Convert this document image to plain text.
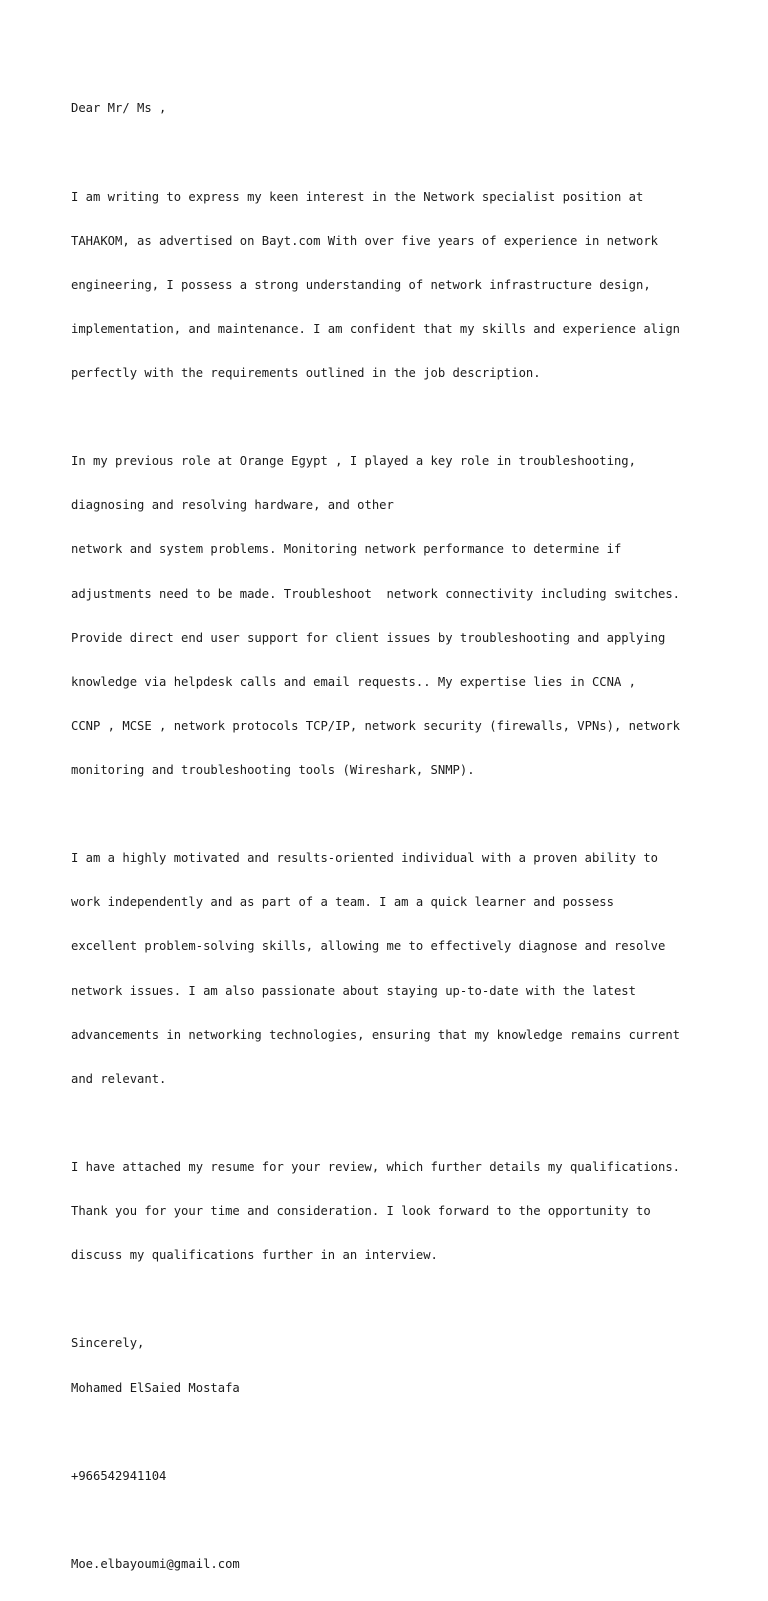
Dear Mr/ Ms ,

I am writing to express my keen interest in the Network specialist position at

TAHAKOM, as advertised on Bayt.com With over five years of experience in network

engineering, I possess a strong understanding of network infrastructure design,

implementation, and maintenance. I am confident that my skills and experience align

perfectly with the requirements outlined in the job description.

In my previous role at Orange Egypt , I played a key role in troubleshooting,

diagnosing and resolving hardware, and other

network and system problems. Monitoring network performance to determine if

adjustments need to be made. Troubleshoot  network connectivity including switches.

Provide direct end user support for client issues by troubleshooting and applying

knowledge via helpdesk calls and email requests.. My expertise lies in CCNA ,

CCNP , MCSE , network protocols TCP/IP, network security (firewalls, VPNs), network

monitoring and troubleshooting tools (Wireshark, SNMP).

I am a highly motivated and results-oriented individual with a proven ability to

work independently and as part of a team. I am a quick learner and possess

excellent problem-solving skills, allowing me to effectively diagnose and resolve

network issues. I am also passionate about staying up-to-date with the latest

advancements in networking technologies, ensuring that my knowledge remains current

and relevant.

I have attached my resume for your review, which further details my qualifications.

Thank you for your time and consideration. I look forward to the opportunity to

discuss my qualifications further in an interview.

Sincerely,

Mohamed ElSaied Mostafa

+966542941104

Moe.elbayoumi@gmail.com
